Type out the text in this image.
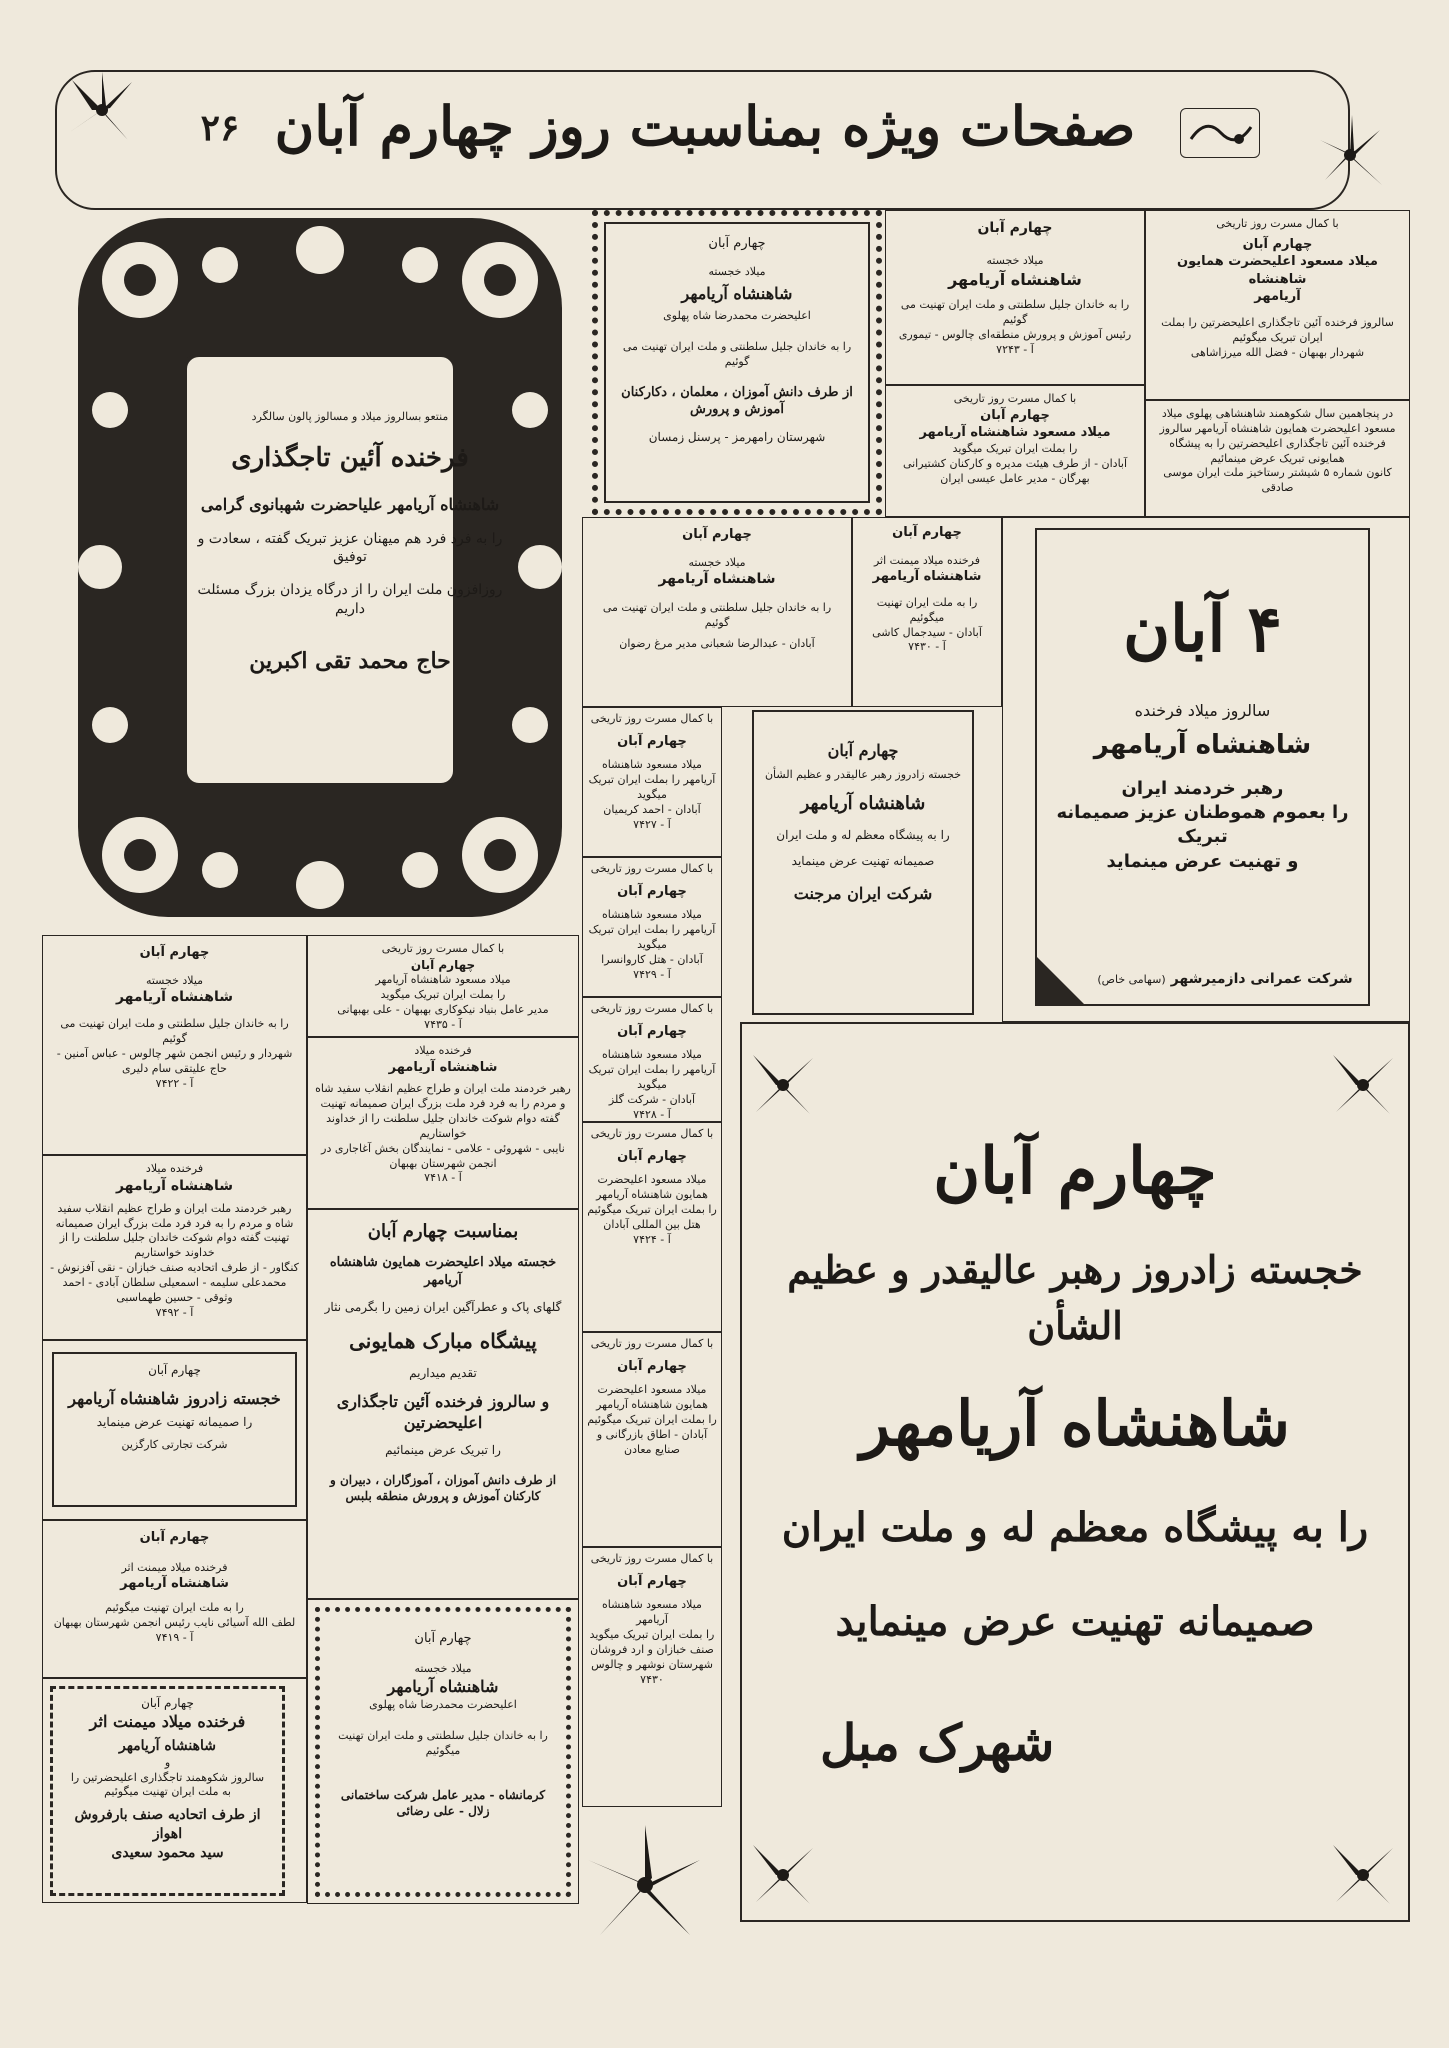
۲۶ صفحات ویژه بمناسبت روز چهارم آبان

منتعو بسالروز میلاد و مسالوز پالون سالگرد

فرخنده آئین تاجگذاری

شاهنشاه آریامهر علیاحضرت شهبانوی گرامی

را به فرد فرد هم میهنان عزیز تبریک گفته ، سعادت و توفیق

روزافزون ملت ایران را از درگاه یزدان بزرگ مسئلت داریم

حاج محمد تقی اکبرین

چهارم آبان

میلاد خجسته

شاهنشاه آریامهر

اعلیحضرت محمدرضا شاه پهلوی

را به خاندان جلیل سلطنتی و ملت ایران تهنیت می گوئیم

از طرف دانش آموزان ، معلمان ، دکارکنان آموزش و پرورش

شهرستان رامهرمز - پرسنل زمسان

چهارم آبان

میلاد خجسته

شاهنشاه آریامهر

را به خاندان جلیل سلطنتی و ملت ایران تهنیت می گوئیم

رئیس آموزش و پرورش منطقه‌ای چالوس - تیموری

آ - ۷۲۴۳

با کمال مسرت روز تاریخی

چهارم آبان

میلاد مسعود شاهنشاه آریامهر

را بملت ایران تبریک میگوید

آبادان - از طرف هیئت مدیره و کارکنان کشتیرانی بهرگان - مدیر عامل عیسی ایران

با کمال مسرت روز تاریخی

چهارم آبان

میلاد مسعود اعلیحضرت همایون شاهنشاه

آریامهر

سالروز فرخنده آئین تاجگذاری اعلیحضرتین را بملت ایران تبریک میگوئیم

شهردار بهبهان - فضل الله میرزاشاهی

در پنجاهمین سال شکوهمند شاهنشاهی پهلوی میلاد مسعود اعلیحضرت همایون شاهنشاه آریامهر سالروز فرخنده آئین تاجگذاری اعلیحضرتین را به پیشگاه همایونی تبریک عرض مینمائیم

کانون شماره ۵ شیشتر رستاخیز ملت ایران موسی صادقی

چهارم آبان

میلاد خجسته

شاهنشاه آریامهر

را به خاندان جلیل سلطنتی و ملت ایران تهنیت می گوئیم

آبادان - عبدالرضا شعبانی مدیر مرغ رضوان

چهارم آبان

فرخنده میلاد میمنت اثر

شاهنشاه آریامهر

را به ملت ایران تهنیت میگوئیم

آبادان - سیدجمال کاشی

آ - ۷۴۳۰	۴ آبان

سالروز میلاد فرخنده

شاهنشاه آریامهر

رهبر خردمند ایران

را بعموم هموطنان عزیز صمیمانه تبریک

و تهنیت عرض مینماید

شرکت عمرانی دازمیرشهر (سهامی خاص)

چهارم آبان

خجسته زادروز رهبر عالیقدر و عظیم الشأن

شاهنشاه آریامهر

را به پیشگاه معظم له و ملت ایران

صمیمانه تهنیت عرض مینماید

شرکت ایران مرجنت

با کمال مسرت روز تاریخی

چهارم آبان

میلاد مسعود شاهنشاه آریامهر را بملت ایران تبریک میگوید

آبادان - احمد کریمیان

آ - ۷۴۲۷

با کمال مسرت روز تاریخی

چهارم آبان

میلاد مسعود شاهنشاه آریامهر را بملت ایران تبریک میگوید

آبادان - هتل کاروانسرا

آ - ۷۴۲۹

با کمال مسرت روز تاریخی

چهارم آبان

میلاد مسعود شاهنشاه آریامهر را بملت ایران تبریک میگوید

آبادان - شرکت گلز

آ - ۷۴۲۸

با کمال مسرت روز تاریخی

چهارم آبان

میلاد مسعود اعلیحضرت همایون شاهنشاه آریامهر

را بملت ایران تبریک میگوئیم هتل بین المللی آبادان

آ - ۷۴۲۴

با کمال مسرت روز تاریخی

چهارم آبان

میلاد مسعود اعلیحضرت همایون شاهنشاه آریامهر

را بملت ایران تبریک میگوئیم آبادان - اطاق بازرگانی و صنایع معادن

با کمال مسرت روز تاریخی

چهارم آبان

میلاد مسعود شاهنشاه آریامهر

را بملت ایران تبریک میگوید صنف خبازان و ارد فروشان شهرستان نوشهر و چالوس

۷۴۳۰

چهارم آبان

میلاد خجسته

شاهنشاه آریامهر

را به خاندان جلیل سلطنتی و ملت ایران تهنیت می گوئیم

شهردار و رئیس انجمن شهر چالوس - عباس آمنین - حاج علیتقی سام دلیری

آ - ۷۴۲۲

فرخنده میلاد

شاهنشاه آریامهر

رهبر خردمند ملت ایران و طراح عظیم انقلاب سفید شاه و مردم را به فرد فرد ملت بزرگ ایران صمیمانه تهنیت گفته دوام شوکت خاندان جلیل سلطنت را از خداوند خواستاریم

کنگاور - از طرف اتحادیه صنف خبازان - نقی آفزنوش - محمدعلی سلیمه - اسمعیلی سلطان آبادی - احمد وثوقی - حسین طهماسبی

آ - ۷۴۹۲

چهارم آبان

خجسته زادروز شاهنشاه آریامهر

را صمیمانه تهنیت عرض مینماید

شرکت تجارتی کارگزین

چهارم آبان

فرخنده میلاد میمنت اثر

شاهنشاه آریامهر

را به ملت ایران تهنیت میگوئیم

لطف الله آسیائی نایب رئیس انجمن شهرستان بهبهان

آ - ۷۴۱۹

چهارم آبان

فرخنده میلاد میمنت اثر

شاهنشاه آریامهر

و

سالروز شکوهمند تاجگذاری اعلیحضرتین را

به ملت ایران تهنیت میگوئیم

از طرف اتحادیه صنف بارفروش اهواز

سید محمود سعیدی

با کمال مسرت روز تاریخی

چهارم آبان

میلاد مسعود شاهنشاه آریامهر

را بملت ایران تبریک میگوید

مدیر عامل بنیاد نیکوکاری بهبهان - علی بهبهانی

آ - ۷۴۳۵

فرخنده میلاد

شاهنشاه آریامهر

رهبر خردمند ملت ایران و طراح عظیم انقلاب سفید شاه و مردم را به فرد فرد ملت بزرگ ایران صمیمانه تهنیت گفته دوام شوکت خاندان جلیل سلطنت را از خداوند خواستاریم

نایبی - شهروئی - علامی - نمایندگان بخش آغاجاری در انجمن شهرستان بهبهان

آ - ۷۴۱۸

بمناسبت چهارم آبان

خجسته میلاد اعلیحضرت همایون شاهنشاه آریامهر

گلهای پاک و عطرآگین ایران زمین را بگرمی نثار

پیشگاه مبارک همایونی

تقدیم میداریم

و سالروز فرخنده آئین تاجگذاری اعلیحضرتین

را تبریک عرض مینمائیم

از طرف دانش آموزان ، آموزگاران ، دبیران و کارکنان آموزش و پرورش منطقه بلبس

چهارم آبان

میلاد خجسته

شاهنشاه آریامهر

اعلیحضرت محمدرضا شاه پهلوی

را به خاندان جلیل سلطنتی و ملت ایران تهنیت میگوئیم

کرمانشاه - مدیر عامل شرکت ساختمانی زلال - علی رضائی

چهارم آبان

خجسته زادروز رهبر عالیقدر و عظیم الشأن

شاهنشاه آریامهر

را به پیشگاه معظم له و ملت ایران

صمیمانه تهنیت عرض مینماید

شهرک مبل
